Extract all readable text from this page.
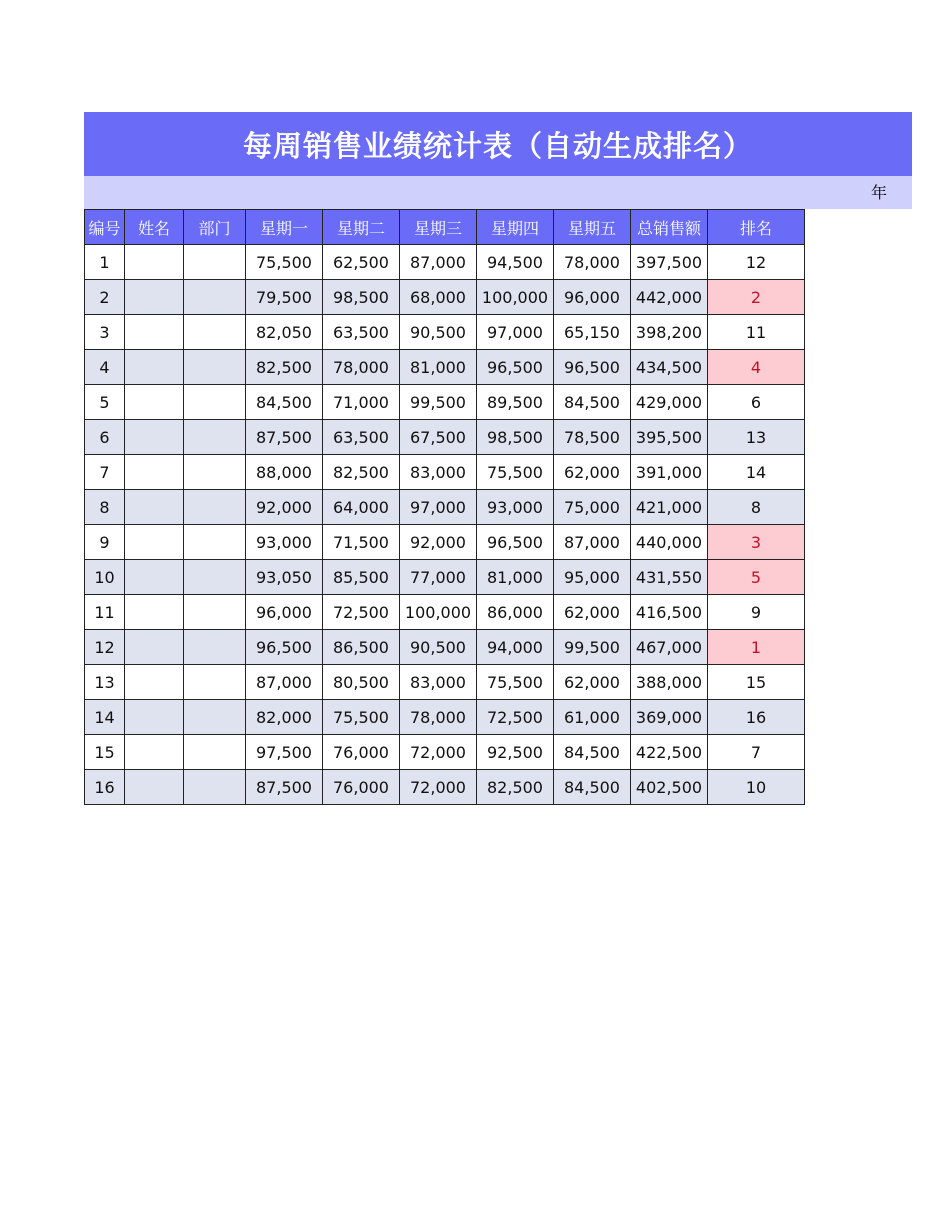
每周销售业绩统计表（自动生成排名）
年
编号	姓名	部门	星期一	星期二	星期三	星期四	星期五	总销售额	排名
1			75,500	62,500	87,000	94,500	78,000	397,500	12
2			79,500	98,500	68,000	100,000	96,000	442,000	2
3			82,050	63,500	90,500	97,000	65,150	398,200	11
4			82,500	78,000	81,000	96,500	96,500	434,500	4
5			84,500	71,000	99,500	89,500	84,500	429,000	6
6			87,500	63,500	67,500	98,500	78,500	395,500	13
7			88,000	82,500	83,000	75,500	62,000	391,000	14
8			92,000	64,000	97,000	93,000	75,000	421,000	8
9			93,000	71,500	92,000	96,500	87,000	440,000	3
10			93,050	85,500	77,000	81,000	95,000	431,550	5
11			96,000	72,500	100,000	86,000	62,000	416,500	9
12			96,500	86,500	90,500	94,000	99,500	467,000	1
13			87,000	80,500	83,000	75,500	62,000	388,000	15
14			82,000	75,500	78,000	72,500	61,000	369,000	16
15			97,500	76,000	72,000	92,500	84,500	422,500	7
16			87,500	76,000	72,000	82,500	84,500	402,500	10
